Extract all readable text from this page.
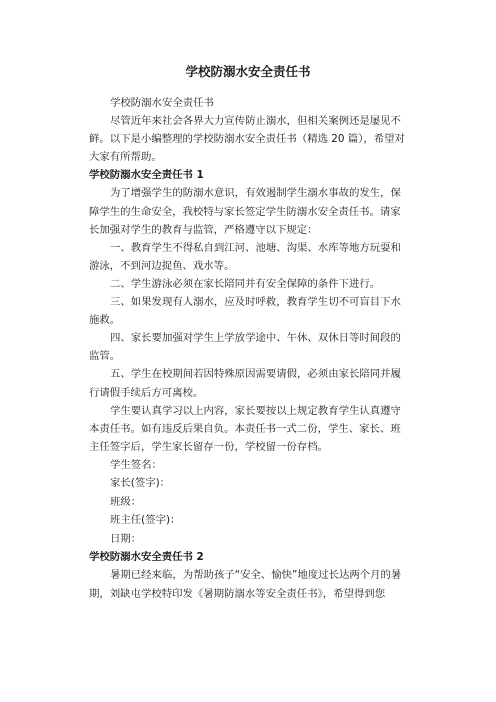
学校防溺水安全责任书

学校防溺水安全责任书

尽管近年来社会各界大力宣传防止溺水，但相关案例还是屡见不鲜。以下是小编整理的学校防溺水安全责任书（精选 20 篇），希望对大家有所帮助。

学校防溺水安全责任书 1

为了增强学生的防溺水意识，有效遏制学生溺水事故的发生，保障学生的生命安全，我校特与家长签定学生防溺水安全责任书。请家长加强对学生的教育与监管，严格遵守以下规定：

一、教育学生不得私自到江河、池塘、沟渠、水库等地方玩耍和游泳，不到河边捉鱼、戏水等。

二、学生游泳必须在家长陪同并有安全保障的条件下进行。

三、如果发现有人溺水，应及时呼救，教育学生切不可盲目下水施救。

四、家长要加强对学生上学放学途中、午休、双休日等时间段的监管。

五、学生在校期间若因特殊原因需要请假，必须由家长陪同并履行请假手续后方可离校。

学生要认真学习以上内容，家长要按以上规定教育学生认真遵守本责任书。如有违反后果自负。本责任书一式二份，学生、家长、班主任签字后，学生家长留存一份，学校留一份存档。

学生签名：

家长(签字)：

班级：

班主任(签字)：

日期：

学校防溺水安全责任书 2

暑期已经来临，为帮助孩子“安全、愉快”地度过长达两个月的暑期，刘缺屯学校特印发《暑期防溺水等安全责任书》，希望得到您
